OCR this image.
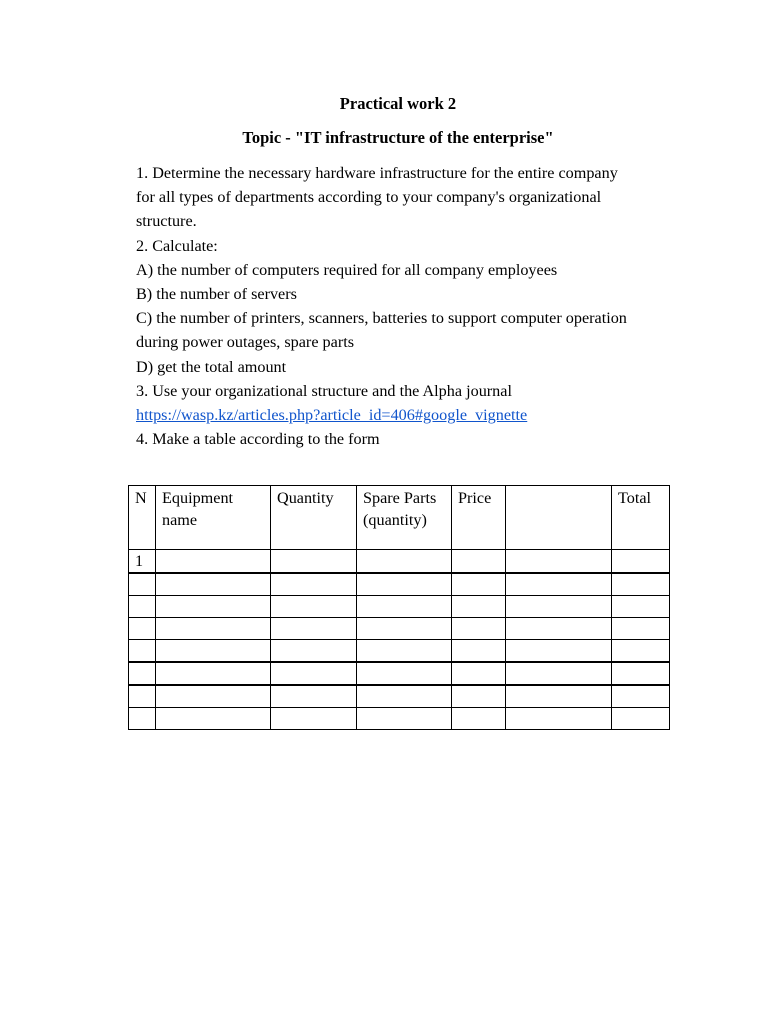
Practical work 2
Topic - "IT infrastructure of the enterprise"
1. Determine the necessary hardware infrastructure for the entire company
for all types of departments according to your company's organizational
structure.
2. Calculate:
A) the number of computers required for all company employees
B) the number of servers
C) the number of printers, scanners, batteries to support computer operation
during power outages, spare parts
D) get the total amount
3. Use your organizational structure and the Alpha journal
https://wasp.kz/articles.php?article_id=406#google_vignette
4. Make a table according to the form
N	Equipment name	Quantity	Spare Parts (quantity)	Price		Total
1						
